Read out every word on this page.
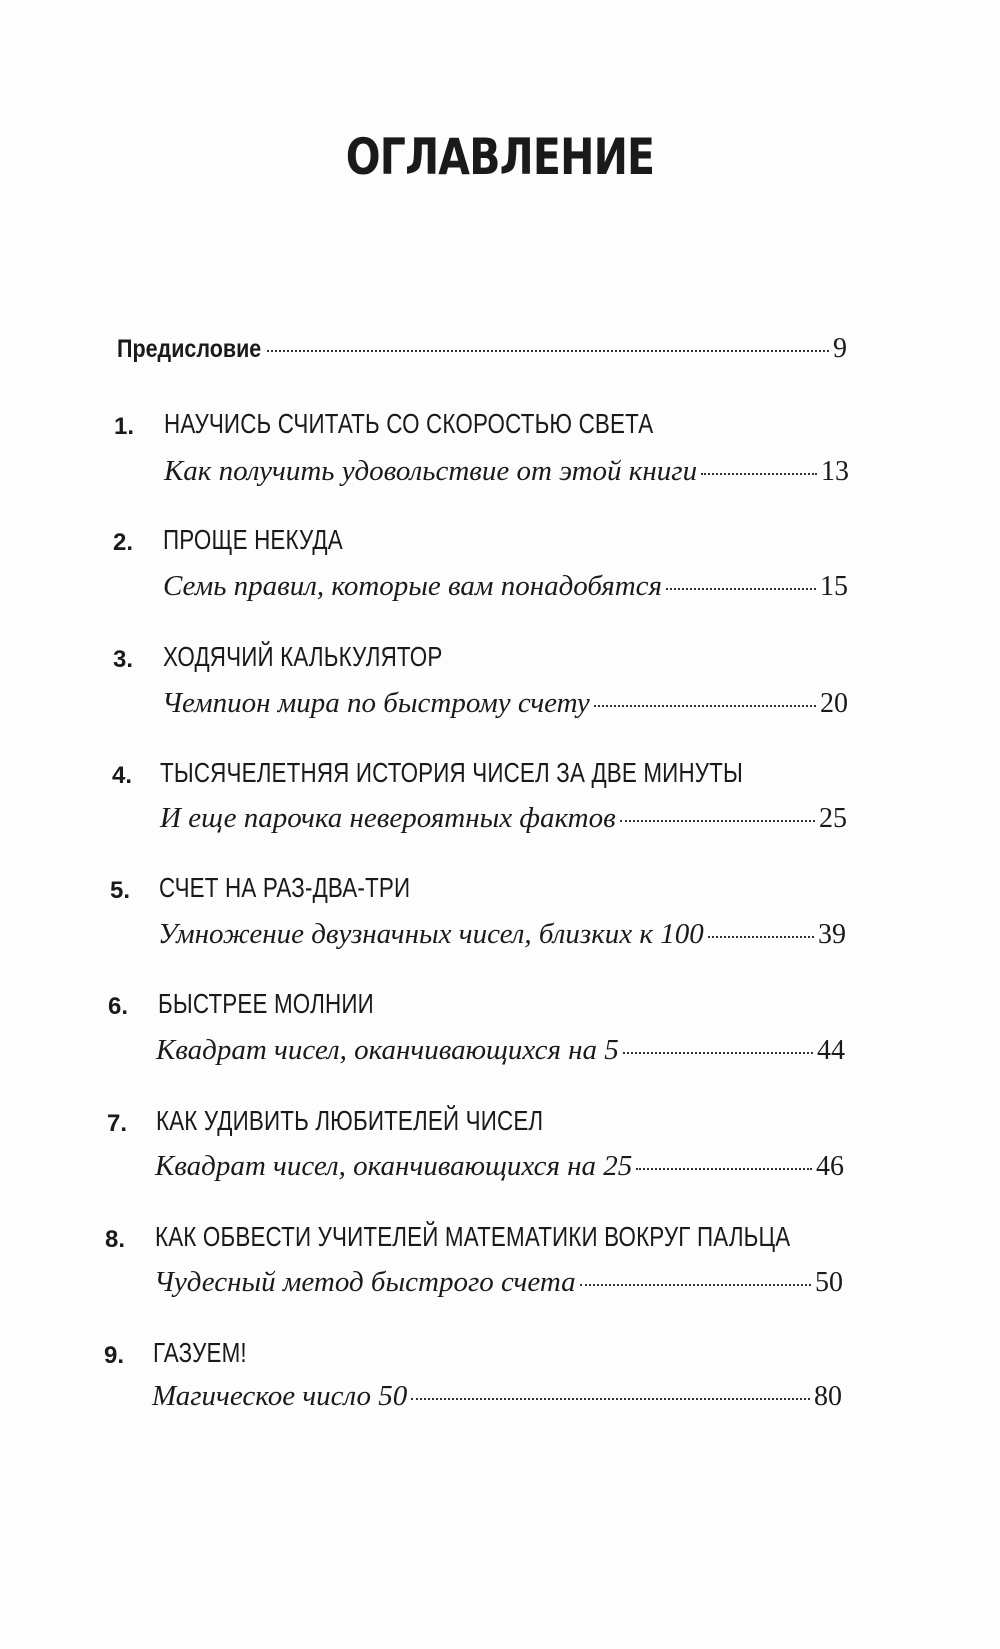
ОГЛАВЛЕНИЕ
Предисловие	9
1. НАУЧИСЬ СЧИТАТЬ СО СКОРОСТЬЮ СВЕТА
Как получить удовольствие от этой книги	13
2. ПРОЩЕ НЕКУДА
Семь правил, которые вам понадобятся	15
3. ХОДЯЧИЙ КАЛЬКУЛЯТОР
Чемпион мира по быстрому счету	20
4. ТЫСЯЧЕЛЕТНЯЯ ИСТОРИЯ ЧИСЕЛ ЗА ДВЕ МИНУТЫ
И еще парочка невероятных фактов	25
5. СЧЕТ НА РАЗ-ДВА-ТРИ
Умножение двузначных чисел, близких к 100	39
6. БЫСТРЕЕ МОЛНИИ
Квадрат чисел, оканчивающихся на 5	44
7. КАК УДИВИТЬ ЛЮБИТЕЛЕЙ ЧИСЕЛ
Квадрат чисел, оканчивающихся на 25	46
8. КАК ОБВЕСТИ УЧИТЕЛЕЙ МАТЕМАТИКИ ВОКРУГ ПАЛЬЦА
Чудесный метод быстрого счета	50
9. ГАЗУЕМ!
Магическое число 50	80
